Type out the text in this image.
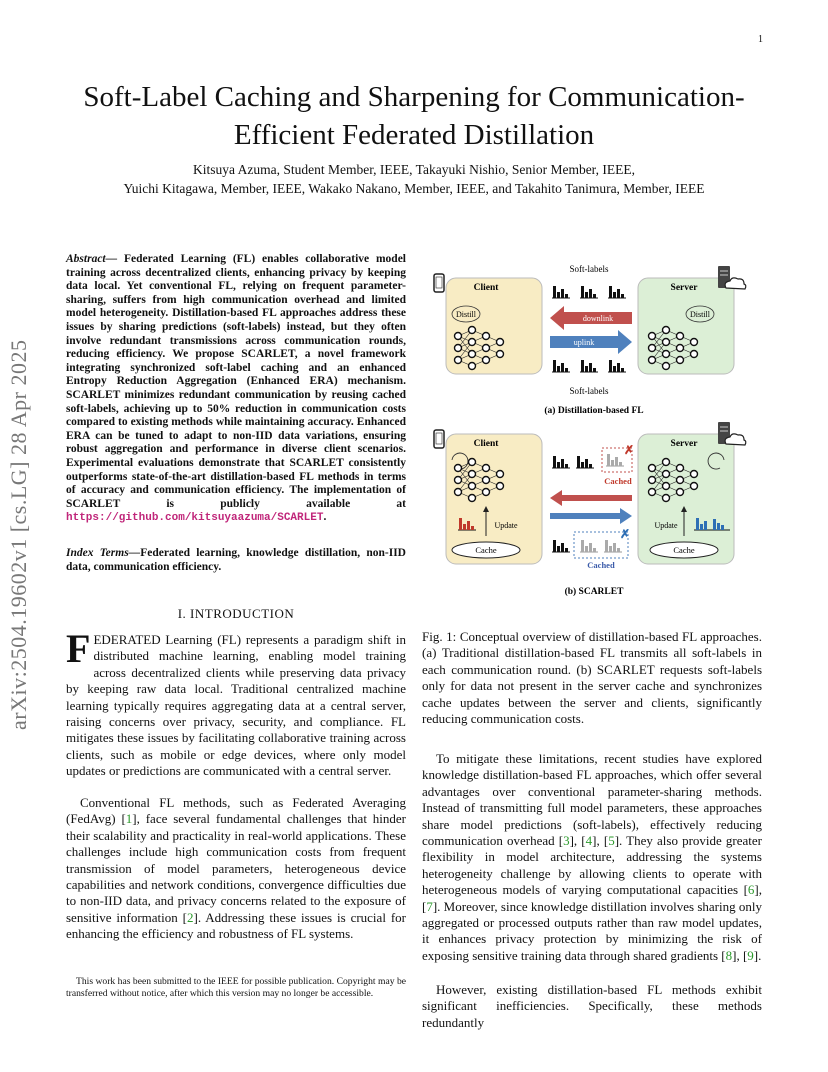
1
arXiv:2504.19602v1 [cs.LG] 28 Apr 2025
Soft-Label Caching and Sharpening for Communication-Efficient Federated Distillation
Kitsuya Azuma, Student Member, IEEE, Takayuki Nishio, Senior Member, IEEE,
Yuichi Kitagawa, Member, IEEE, Wakako Nakano, Member, IEEE, and Takahito Tanimura, Member, IEEE
Abstract— Federated Learning (FL) enables collaborative model training across decentralized clients, enhancing privacy by keeping data local. Yet conventional FL, relying on frequent parameter-sharing, suffers from high communication overhead and limited model heterogeneity. Distillation-based FL approaches address these issues by sharing predictions (soft-labels) instead, but they often involve redundant transmissions across communication rounds, reducing efficiency. We propose SCARLET, a novel framework integrating synchronized soft-label caching and an enhanced Entropy Reduction Aggregation (Enhanced ERA) mechanism. SCARLET minimizes redundant communication by reusing cached soft-labels, achieving up to 50% reduction in communication costs compared to existing methods while maintaining accuracy. Enhanced ERA can be tuned to adapt to non-IID data variations, ensuring robust aggregation and performance in diverse client scenarios. Experimental evaluations demonstrate that SCARLET consistently outperforms state-of-the-art distillation-based FL methods in terms of accuracy and communication efficiency. The implementation of SCARLET is publicly available at https://github.com/kitsuyaazuma/SCARLET.
Index Terms—Federated learning, knowledge distillation, non-IID data, communication efficiency.
I. INTRODUCTION
FEDERATED Learning (FL) represents a paradigm shift in distributed machine learning, enabling model training across decentralized clients while preserving data privacy by keeping raw data local. Traditional centralized machine learning typically requires aggregating data at a central server, raising concerns over privacy, security, and compliance. FL mitigates these issues by facilitating collaborative training across clients, such as mobile or edge devices, where only model updates or predictions are communicated with a central server.
Conventional FL methods, such as Federated Averaging (FedAvg) [1], face several fundamental challenges that hinder their scalability and practicality in real-world applications. These challenges include high communication costs from frequent transmission of model parameters, heterogeneous device capabilities and network conditions, convergence difficulties due to non-IID data, and privacy concerns related to the exposure of sensitive information [2]. Addressing these issues is crucial for enhancing the efficiency and robustness of FL systems.
This work has been submitted to the IEEE for possible publication. Copyright may be transferred without notice, after which this version may no longer be accessible.
Soft-labels
Client
Distill
Server
Distill
downlink
uplink
Soft-labels
(a) Distillation-based FL
Client
Update
Cache
Server
Update
Cache
✗
Cached
✗
Cached
(b) SCARLET
Fig. 1: Conceptual overview of distillation-based FL approaches. (a) Traditional distillation-based FL transmits all soft-labels in each communication round. (b) SCARLET requests soft-labels only for data not present in the server cache and synchronizes cache updates between the server and clients, significantly reducing communication costs.
To mitigate these limitations, recent studies have explored knowledge distillation-based FL approaches, which offer several advantages over conventional parameter-sharing methods. Instead of transmitting full model parameters, these approaches share model predictions (soft-labels), effectively reducing communication overhead [3], [4], [5]. They also provide greater flexibility in model architecture, addressing the systems heterogeneity challenge by allowing clients to operate with heterogeneous models of varying computational capacities [6], [7]. Moreover, since knowledge distillation involves sharing only aggregated or processed outputs rather than raw model updates, it enhances privacy protection by minimizing the risk of exposing sensitive training data through shared gradients [8], [9].
However, existing distillation-based FL methods exhibit significant inefficiencies. Specifically, these methods redundantly
